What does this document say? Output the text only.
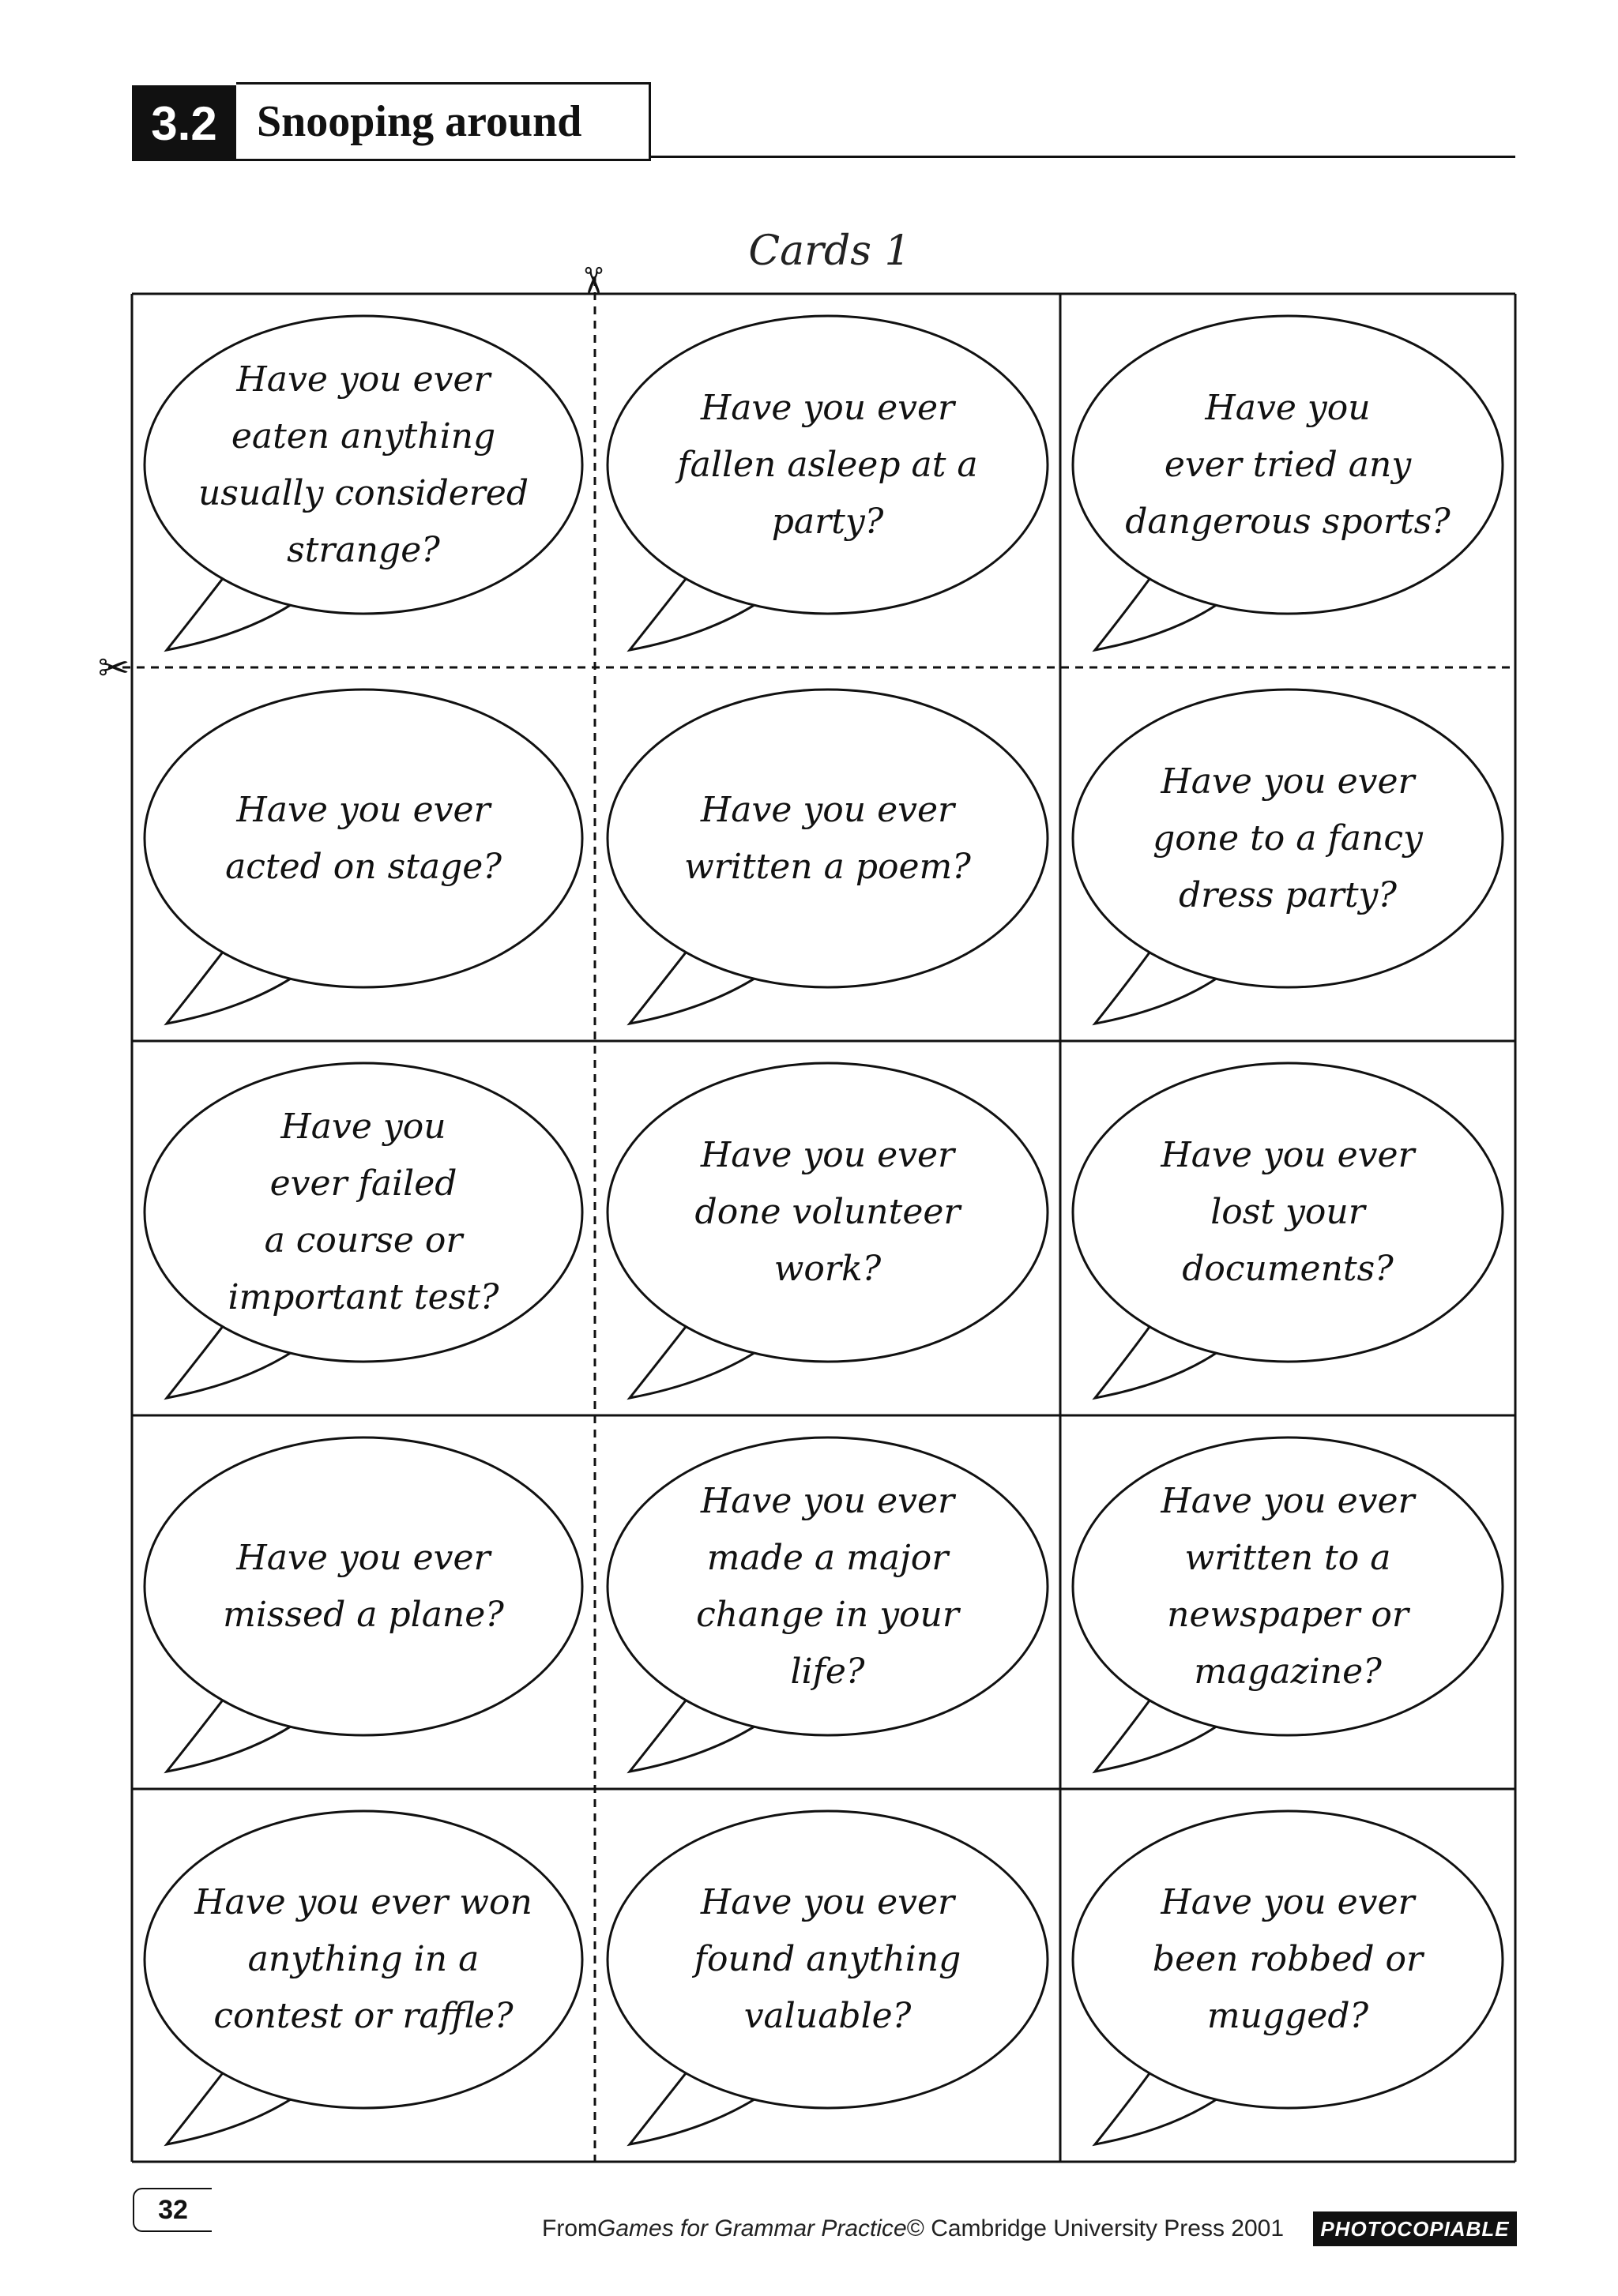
3.2 Snooping around
Cards 1
Have you ever
eaten anything
usually considered
strange?
Have you ever
fallen asleep at a
party?
Have you
ever tried any
dangerous sports?
Have you ever
acted on stage?
Have you ever
written a poem?
Have you ever
gone to a fancy
dress party?
Have you
ever failed
a course or
important test?
Have you ever
done volunteer
work?
Have you ever
lost your
documents?
Have you ever
missed a plane?
Have you ever
made a major
change in your
life?
Have you ever
written to a
newspaper or
magazine?
Have you ever won
anything in a
contest or raffle?
Have you ever
found anything
valuable?
Have you ever
been robbed or
mugged?
✂
✂
32
From Games for Grammar Practice © Cambridge University Press 2001	PHOTOCOPIABLE
